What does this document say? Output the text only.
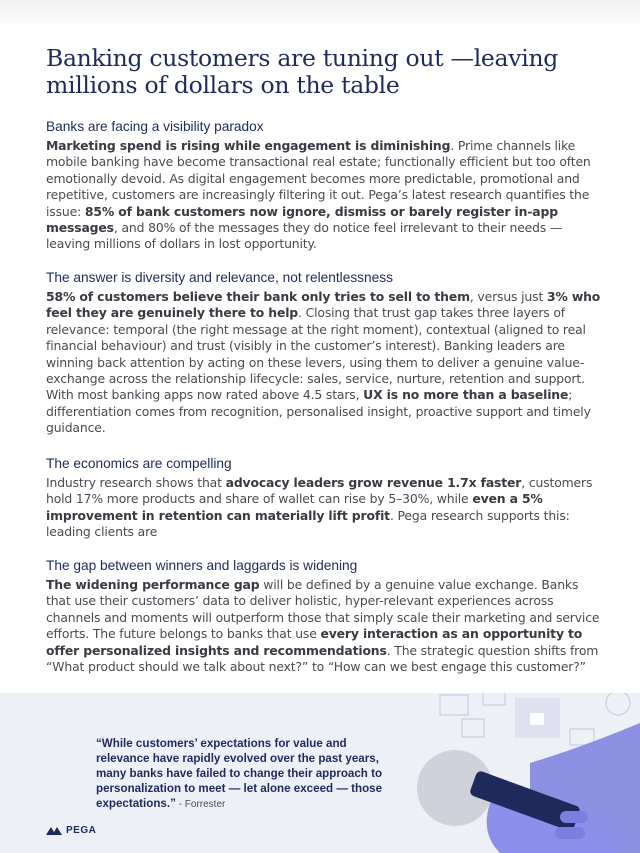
Banking customers are tuning out —leaving millions of dollars on the table
Banks are facing a visibility paradox

Marketing spend is rising while engagement is diminishing. Prime channels like mobile banking have become transactional real estate; functionally efficient but too often emotionally devoid. As digital engagement becomes more predictable, promotional and repetitive, customers are increasingly filtering it out. Pega’s latest research quantifies the issue: 85% of bank customers now ignore, dismiss or barely register in-app messages, and 80% of the messages they do notice feel irrelevant to their needs — leaving millions of dollars in lost opportunity.

The answer is diversity and relevance, not relentlessness

58% of customers believe their bank only tries to sell to them, versus just 3% who feel they are genuinely there to help. Closing that trust gap takes three layers of relevance: temporal (the right message at the right moment), contextual (aligned to real financial behaviour) and trust (visibly in the customer’s interest). Banking leaders are winning back attention by acting on these levers, using them to deliver a genuine value-exchange across the relationship lifecycle: sales, service, nurture, retention and support. With most banking apps now rated above 4.5 stars, UX is no more than a baseline; differentiation comes from recognition, personalised insight, proactive support and timely guidance.

The economics are compelling

Industry research shows that advocacy leaders grow revenue 1.7x faster, customers hold 17% more products and share of wallet can rise by 5–30%, while even a 5% improvement in retention can materially lift profit. Pega research supports this: leading clients are

The gap between winners and laggards is widening

The widening performance gap will be defined by a genuine value exchange. Banks that use their customers’ data to deliver holistic, hyper-relevant experiences across channels and moments will outperform those that simply scale their marketing and service efforts. The future belongs to banks that use every interaction as an opportunity to offer personalized insights and recommendations. The strategic question shifts from “What product should we talk about next?” to “How can we best engage this customer?”

“While customers’ expectations for value and relevance have rapidly evolved over the past years, many banks have failed to change their approach to personalization to meet — let alone exceed — those expectations.” - Forrester

PEGA
